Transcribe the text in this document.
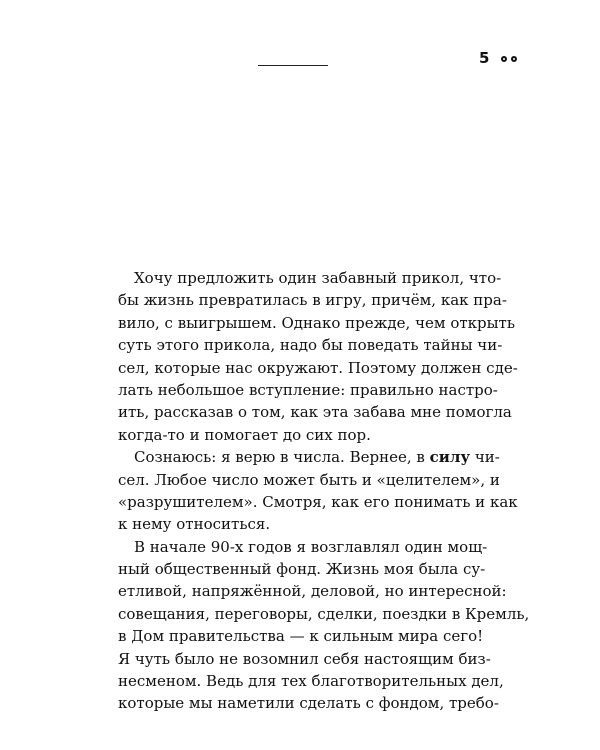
5
Хочу предложить один забавный прикол, что-
бы жизнь превратилась в игру, причём, как пра-
вило, с выигрышем. Однако прежде, чем открыть
суть этого прикола, надо бы поведать тайны чи-
сел, которые нас окружают. Поэтому должен сде-
лать небольшое вступление: правильно настро-
ить, рассказав о том, как эта забава мне помогла
когда-то и помогает до сих пор.
Сознаюсь: я верю в числа. Вернее, в силу чи-
сел. Любое число может быть и «целителем», и
«разрушителем». Смотря, как его понимать и как
к нему относиться.
В начале 90-х годов я возглавлял один мощ-
ный общественный фонд. Жизнь моя была су-
етливой, напряжённой, деловой, но интересной:
совещания, переговоры, сделки, поездки в Кремль,
в Дом правительства — к сильным мира сего!
Я чуть было не возомнил себя настоящим биз-
несменом. Ведь для тех благотворительных дел,
которые мы наметили сделать с фондом, требо-
